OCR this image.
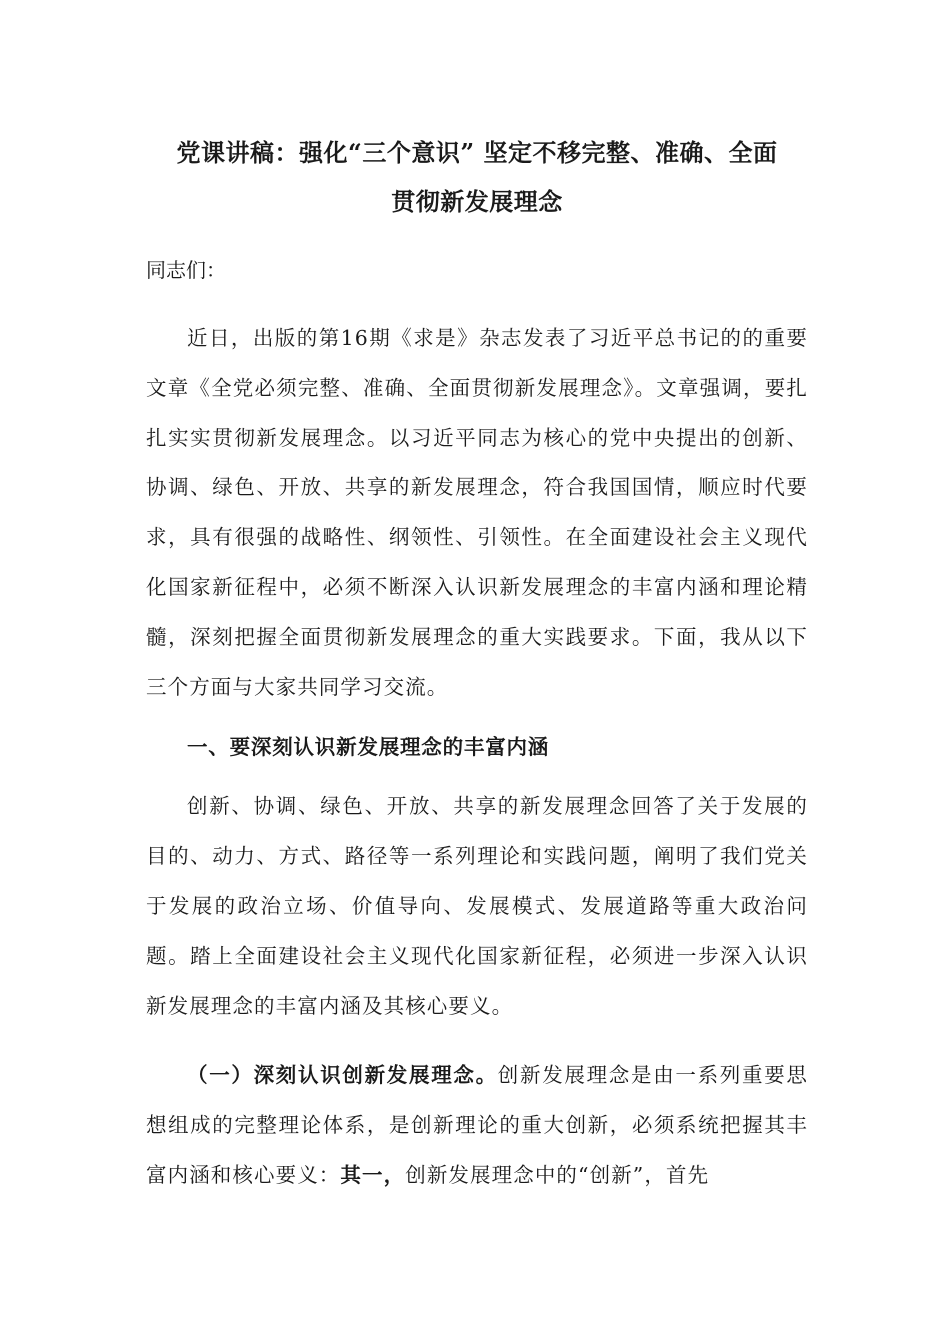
党课讲稿：强化“三个意识” 坚定不移完整、准确、全面
贯彻新发展理念

同志们：

近日，出版的第16期《求是》杂志发表了习近平总书记的的重要文章《全党必须完整、准确、全面贯彻新发展理念》。文章强调，要扎扎实实贯彻新发展理念。以习近平同志为核心的党中央提出的创新、协调、绿色、开放、共享的新发展理念，符合我国国情，顺应时代要求，具有很强的战略性、纲领性、引领性。在全面建设社会主义现代化国家新征程中，必须不断深入认识新发展理念的丰富内涵和理论精髓，深刻把握全面贯彻新发展理念的重大实践要求。下面，我从以下三个方面与大家共同学习交流。

一、要深刻认识新发展理念的丰富内涵

创新、协调、绿色、开放、共享的新发展理念回答了关于发展的目的、动力、方式、路径等一系列理论和实践问题，阐明了我们党关于发展的政治立场、价值导向、发展模式、发展道路等重大政治问题。踏上全面建设社会主义现代化国家新征程，必须进一步深入认识新发展理念的丰富内涵及其核心要义。

（一）深刻认识创新发展理念。创新发展理念是由一系列重要思想组成的完整理论体系，是创新理论的重大创新，必须系统把握其丰富内涵和核心要义：其一，创新发展理念中的“创新”，首先
